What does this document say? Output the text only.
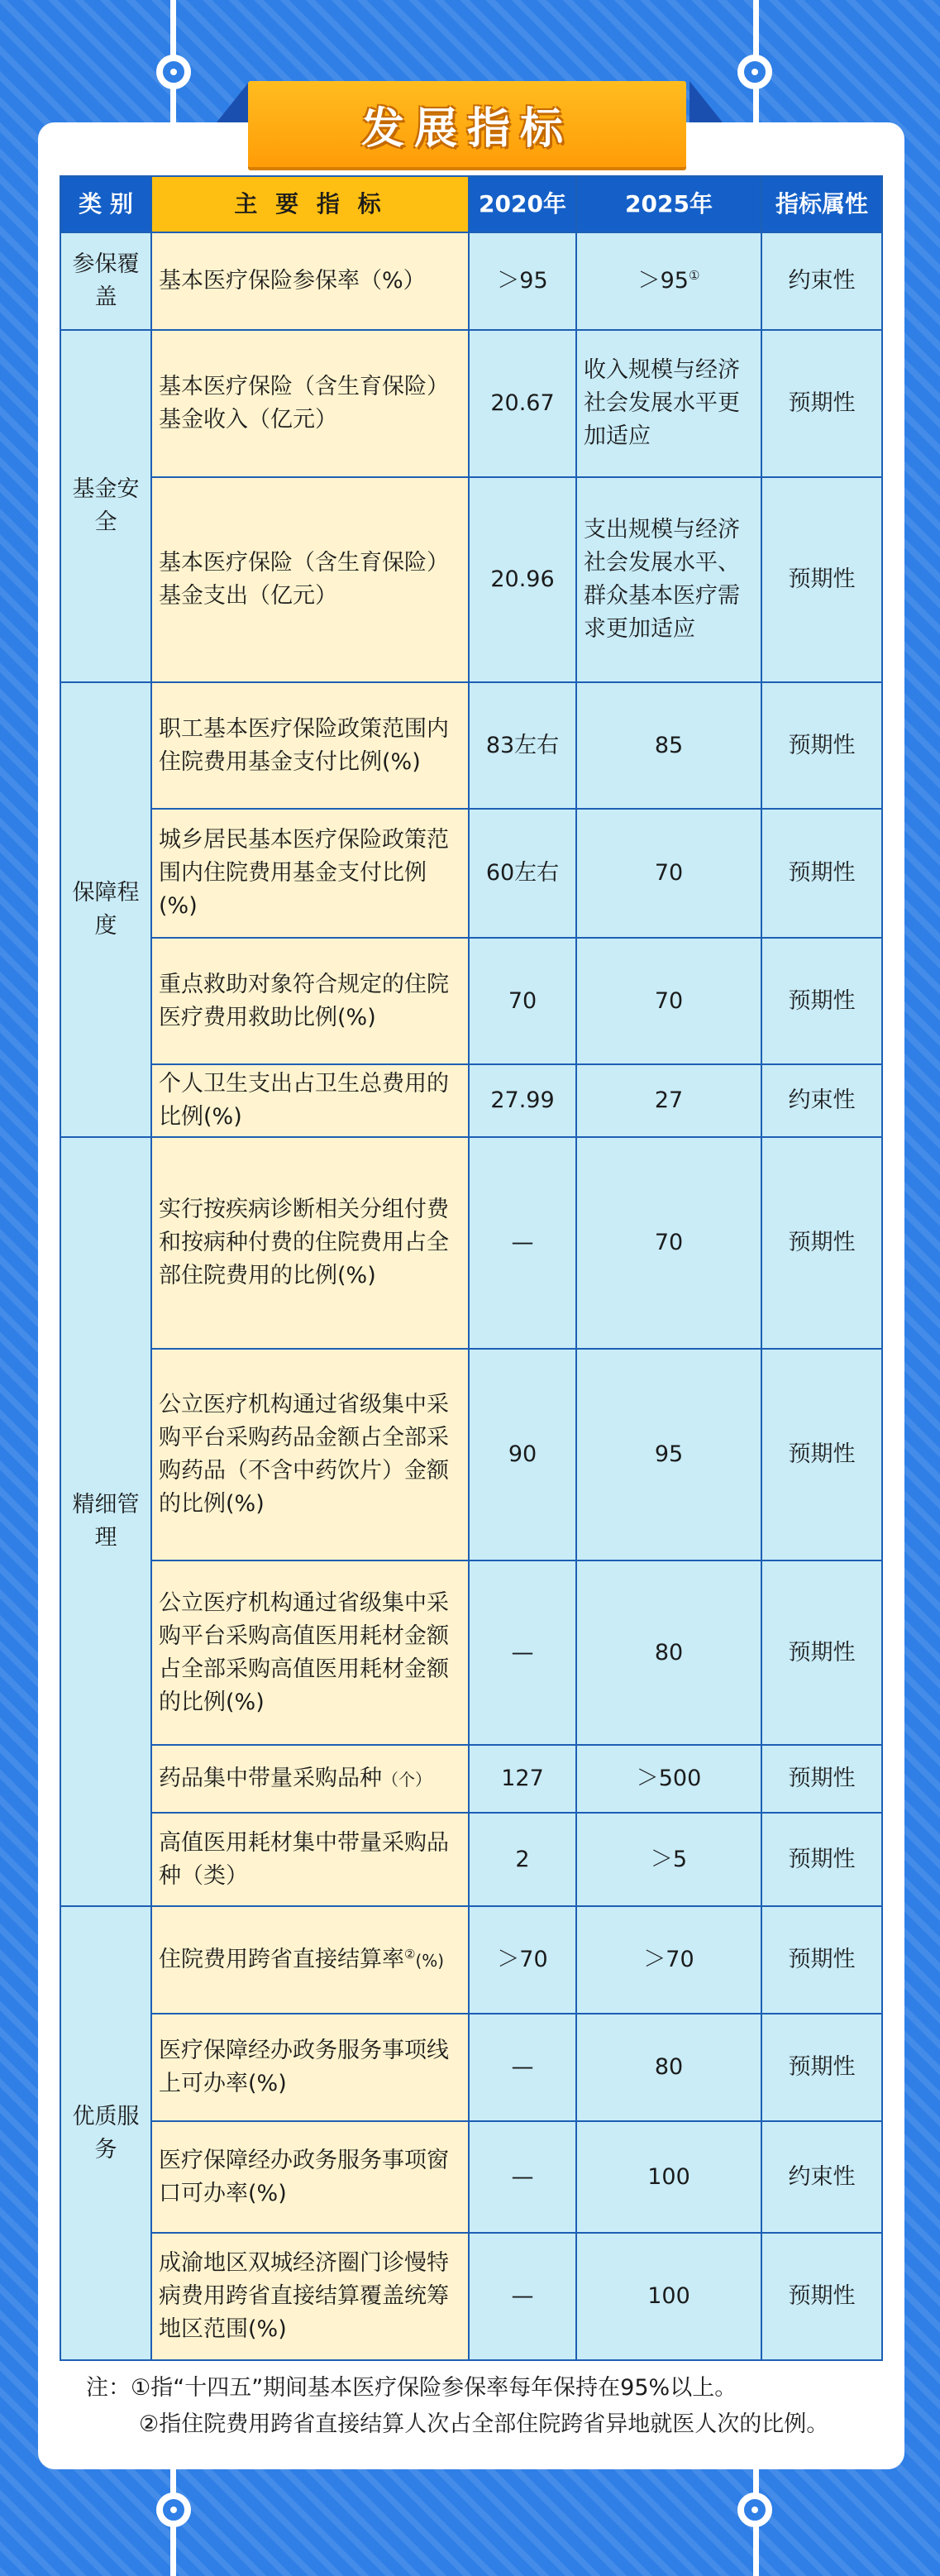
发展指标
类 别	主 要 指 标	2020年	2025年	指标属性
参保覆盖	基本医疗保险参保率（%）	＞95	＞95①	约束性
基金安全	基本医疗保险（含生育保险）基金收入（亿元）	20.67	收入规模与经济社会发展水平更加适应	预期性
	基本医疗保险（含生育保险）基金支出（亿元）	20.96	支出规模与经济社会发展水平、群众基本医疗需求更加适应	预期性
保障程度	职工基本医疗保险政策范围内住院费用基金支付比例(%)	83左右	85	预期性
	城乡居民基本医疗保险政策范围内住院费用基金支付比例(%)	60左右	70	预期性
	重点救助对象符合规定的住院医疗费用救助比例(%)	70	70	预期性
	个人卫生支出占卫生总费用的比例(%)	27.99	27	约束性
精细管理	实行按疾病诊断相关分组付费和按病种付费的住院费用占全部住院费用的比例(%)	—	70	预期性
	公立医疗机构通过省级集中采购平台采购药品金额占全部采购药品（不含中药饮片）金额的比例(%)	90	95	预期性
	公立医疗机构通过省级集中采购平台采购高值医用耗材金额占全部采购高值医用耗材金额的比例(%)	—	80	预期性
	药品集中带量采购品种（个）	127	＞500	预期性
	高值医用耗材集中带量采购品种（类）	2	＞5	预期性
优质服务	住院费用跨省直接结算率②(%)	＞70	＞70	预期性
	医疗保障经办政务服务事项线上可办率(%)	—	80	预期性
	医疗保障经办政务服务事项窗口可办率(%)	—	100	约束性
	成渝地区双城经济圈门诊慢特病费用跨省直接结算覆盖统筹地区范围(%)	—	100	预期性
注：①指“十四五”期间基本医疗保险参保率每年保持在95%以上。
②指住院费用跨省直接结算人次占全部住院跨省异地就医人次的比例。
